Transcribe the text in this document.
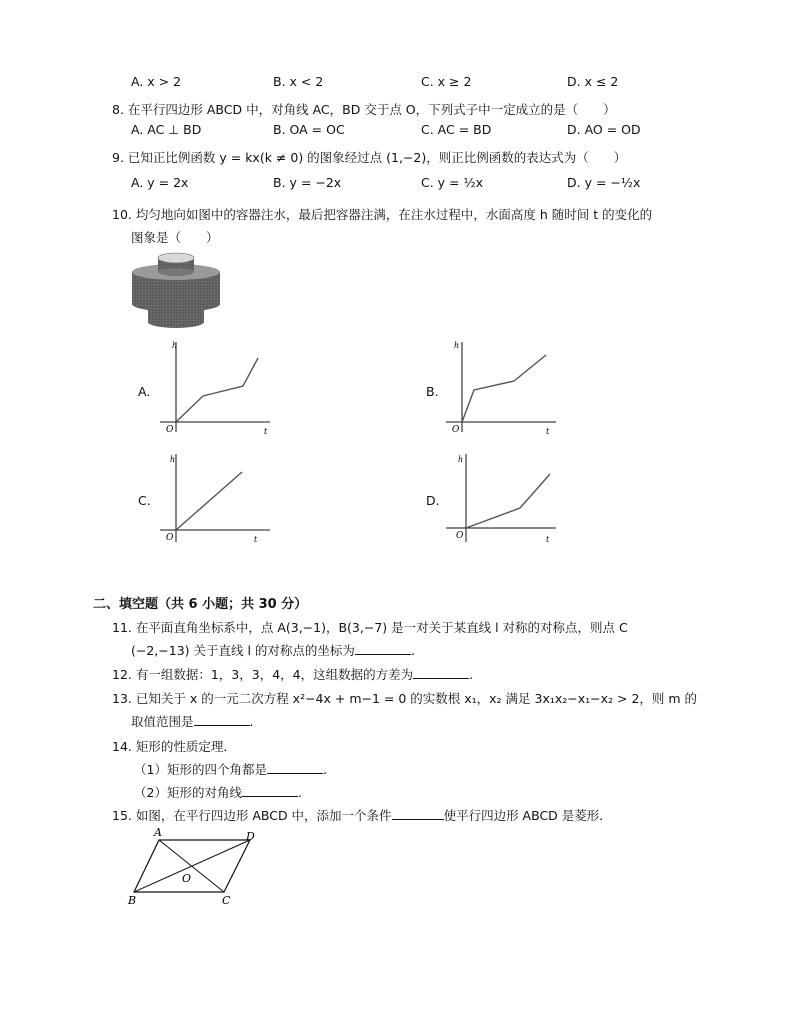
A. x > 2	B. x < 2	C. x ≥ 2	D. x ≤ 2
8. 在平行四边形 ABCD 中，对角线 AC，BD 交于点 O，下列式子中一定成立的是（　　）
A. AC ⊥ BD	B. OA = OC	C. AC = BD	D. AO = OD
9. 已知正比例函数 y = kx(k ≠ 0) 的图象经过点 (1,−2)，则正比例函数的表达式为（　　）
A. y = 2x	B. y = −2x	C. y = ½x	D. y = −½x
10. 均匀地向如图中的容器注水，最后把容器注满，在注水过程中，水面高度 h 随时间 t 的变化的
图象是（　　）
A.
h
t
O
B.
h
t
O
C.
h
t
O
D.
h
t
O
二、填空题（共 6 小题；共 30 分）
11. 在平面直角坐标系中，点 A(3,−1)，B(3,−7) 是一对关于某直线 l 对称的对称点，则点 C
(−2,−13) 关于直线 l 的对称点的坐标为	.
12. 有一组数据：1，3，3，4，4，这组数据的方差为	.
13. 已知关于 x 的一元二次方程 x²−4x + m−1 = 0 的实数根 x₁，x₂ 满足 3x₁x₂−x₁−x₂ > 2，则 m 的
取值范围是	.
14. 矩形的性质定理．
（1）矩形的四个角都是	.
（2）矩形的对角线	.
15. 如图，在平行四边形 ABCD 中，添加一个条件	使平行四边形 ABCD 是菱形．
A	D
B	C
O
